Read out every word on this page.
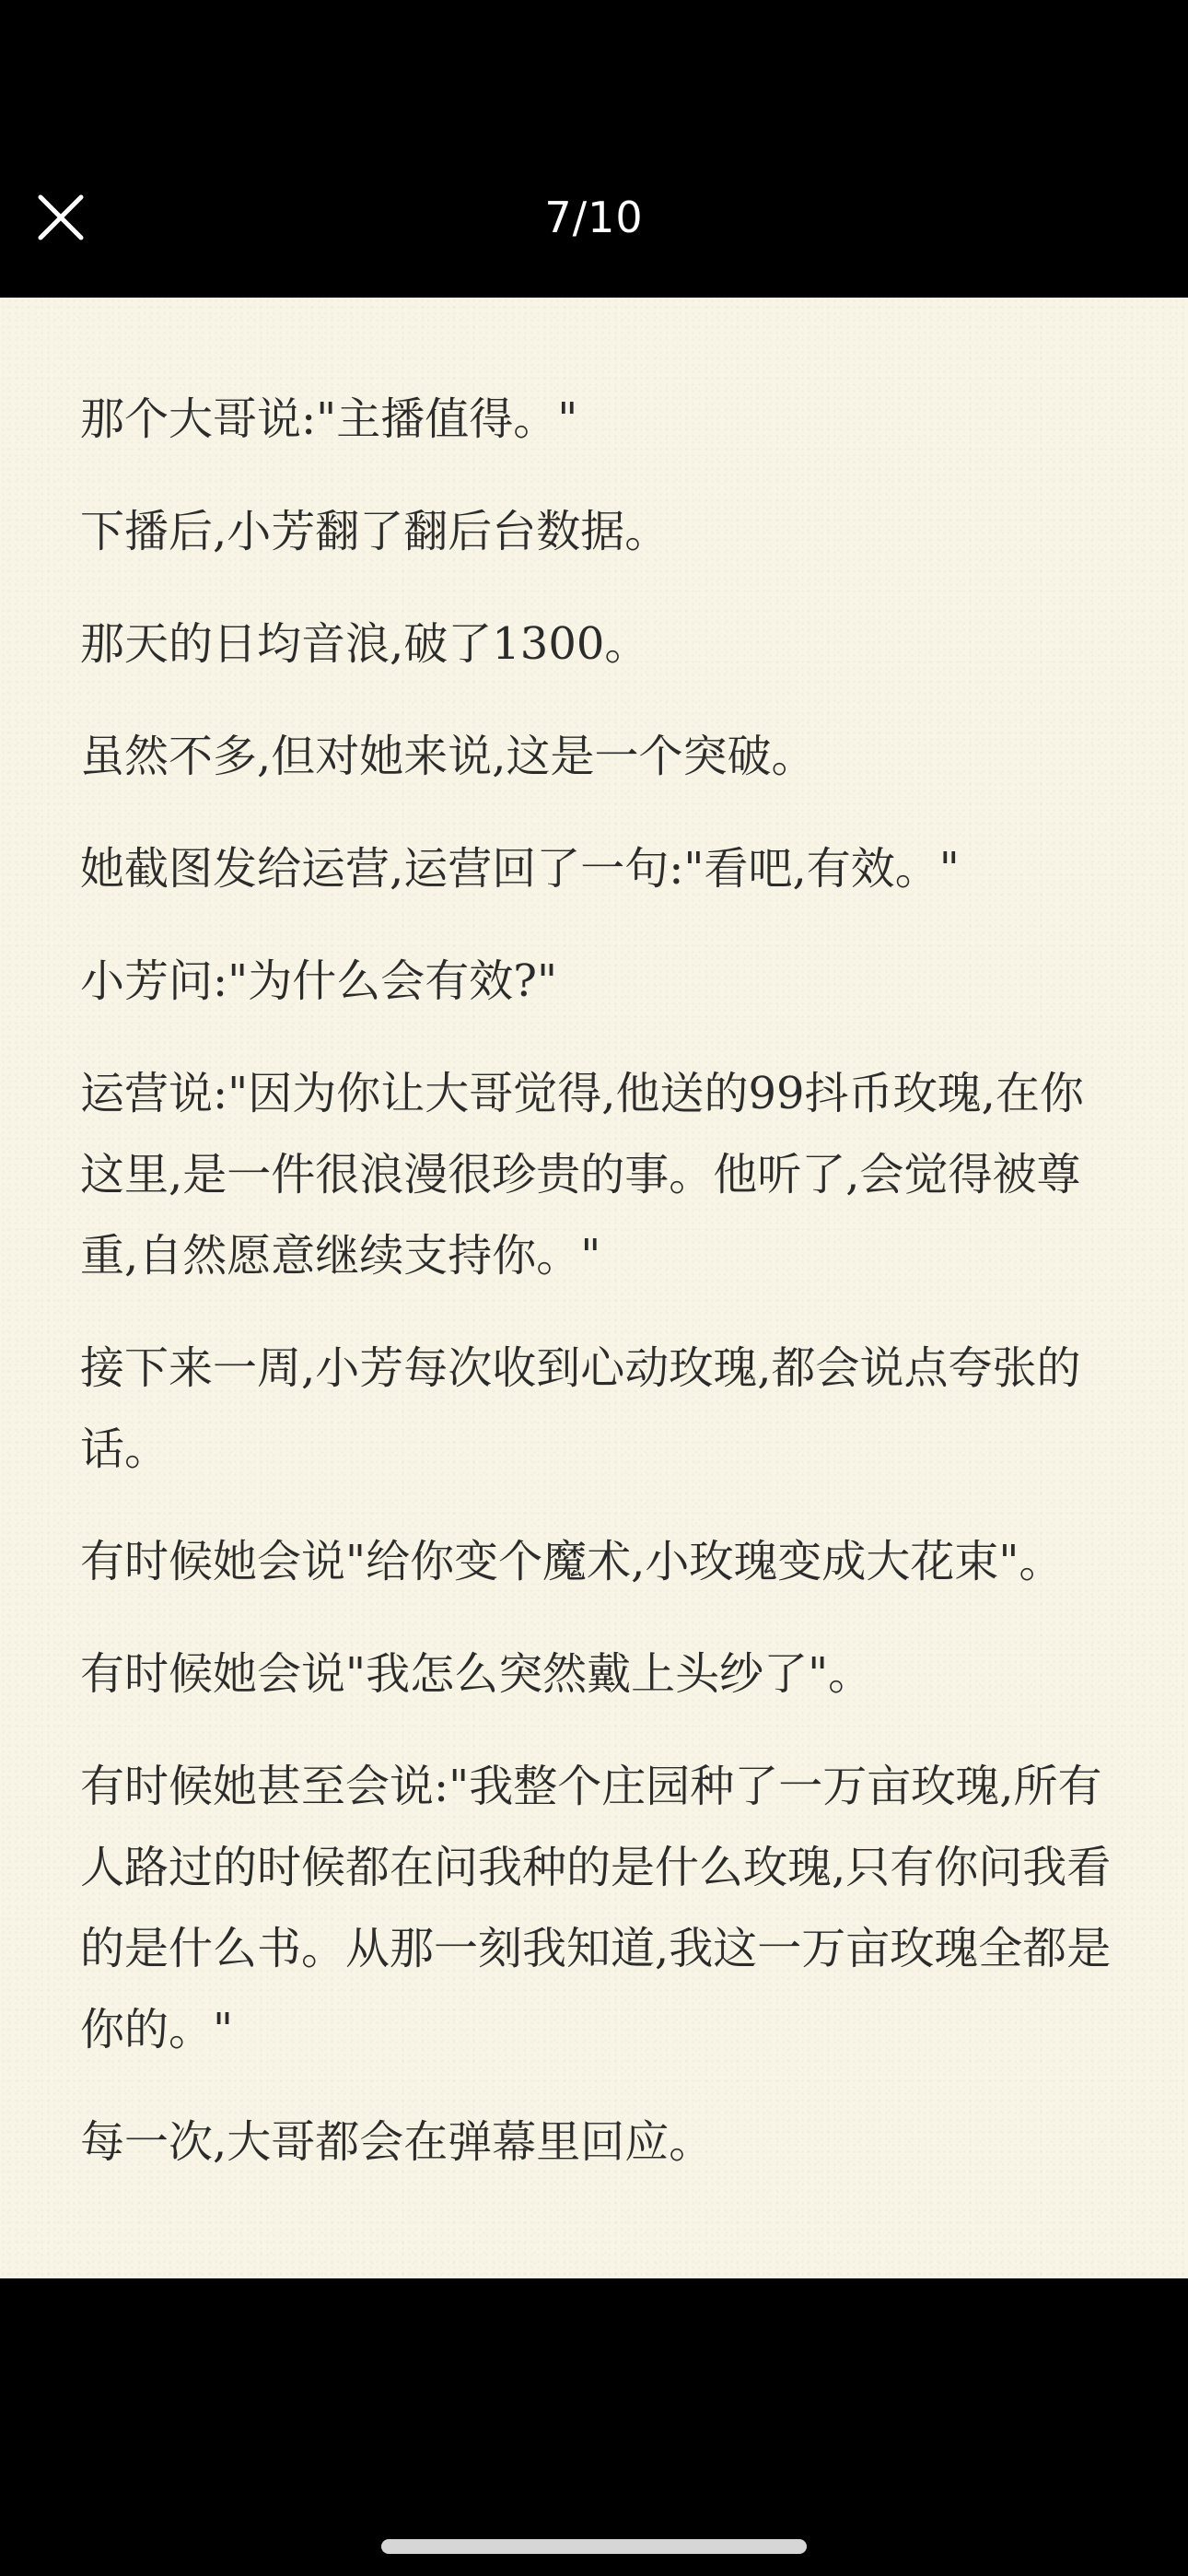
7/10

那个大哥说:"主播值得。"

下播后,小芳翻了翻后台数据。

那天的日均音浪,破了1300。

虽然不多,但对她来说,这是一个突破。

她截图发给运营,运营回了一句:"看吧,有效。"

小芳问:"为什么会有效?"

运营说:"因为你让大哥觉得,他送的99抖币玫瑰,在你这里,是一件很浪漫很珍贵的事。他听了,会觉得被尊重,自然愿意继续支持你。"

接下来一周,小芳每次收到心动玫瑰,都会说点夸张的话。

有时候她会说"给你变个魔术,小玫瑰变成大花束"。

有时候她会说"我怎么突然戴上头纱了"。

有时候她甚至会说:"我整个庄园种了一万亩玫瑰,所有人路过的时候都在问我种的是什么玫瑰,只有你问我看的是什么书。从那一刻我知道,我这一万亩玫瑰全都是你的。"

每一次,大哥都会在弹幕里回应。
